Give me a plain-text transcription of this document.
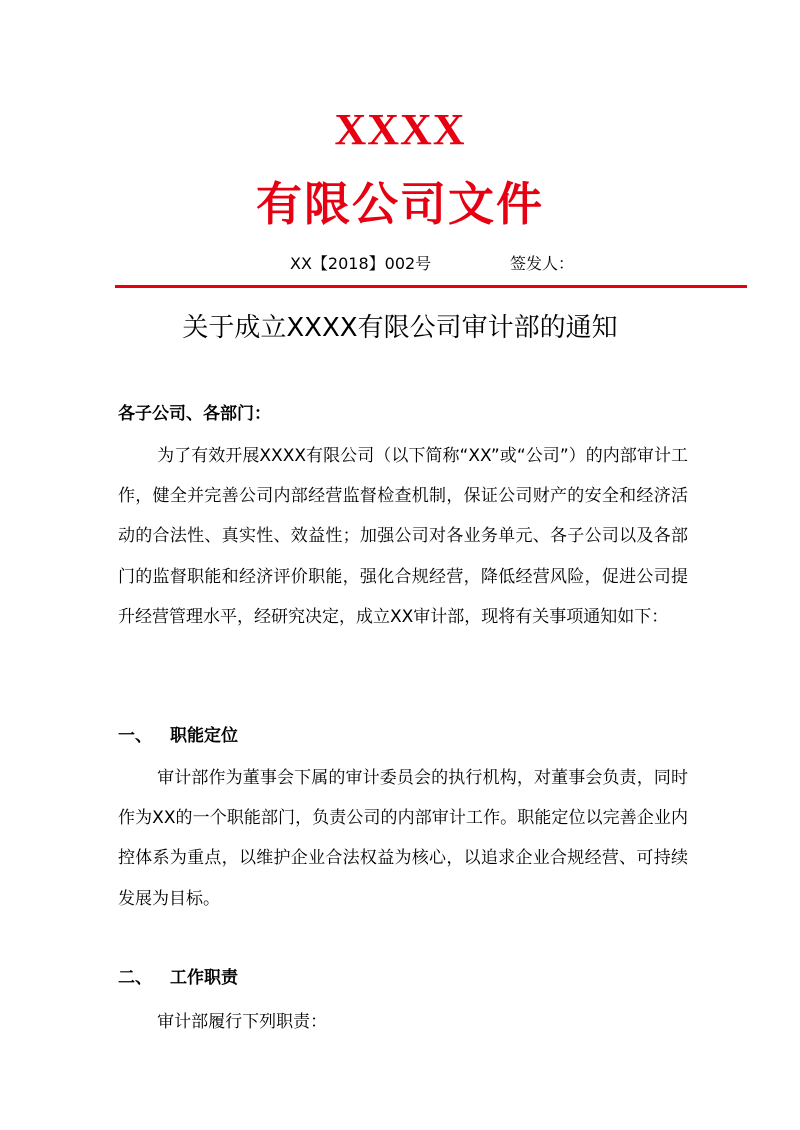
XXXX
有限公司文件
XX【2018】002号	签发人：
关于成立XXXX有限公司审计部的通知
各子公司、各部门：
为了有效开展XXXX有限公司（以下简称“XX”或“公司”）的内部审计工作，健全并完善公司内部经营监督检查机制，保证公司财产的安全和经济活动的合法性、真实性、效益性；加强公司对各业务单元、各子公司以及各部门的监督职能和经济评价职能，强化合规经营，降低经营风险，促进公司提升经营管理水平，经研究决定，成立XX审计部，现将有关事项通知如下：
一、 职能定位
审计部作为董事会下属的审计委员会的执行机构，对董事会负责，同时作为XX的一个职能部门，负责公司的内部审计工作。职能定位以完善企业内控体系为重点，以维护企业合法权益为核心，以追求企业合规经营、可持续发展为目标。
二、 工作职责
审计部履行下列职责：
